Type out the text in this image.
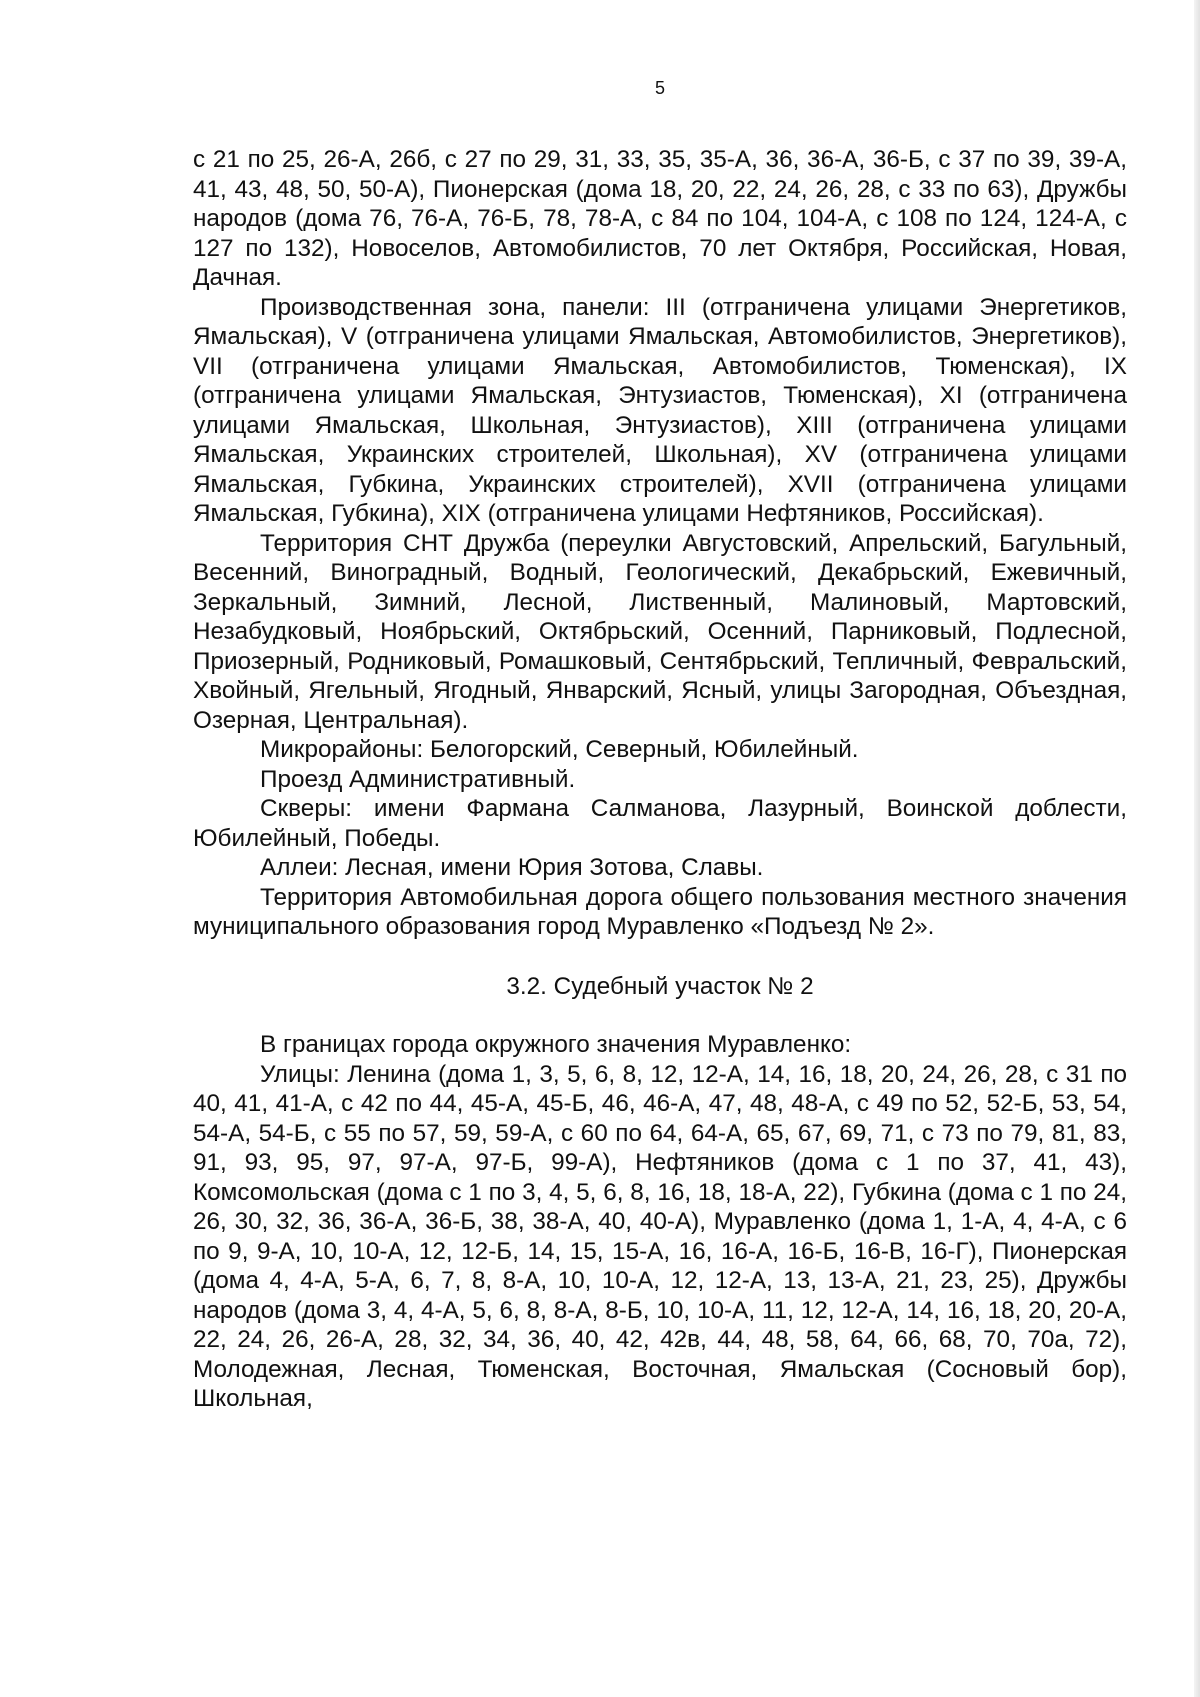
5

с 21 по 25, 26-А, 26б, с 27 по 29, 31, 33, 35, 35-А, 36, 36-А, 36-Б, с 37 по 39, 39-А, 41, 43, 48, 50, 50-А), Пионерская (дома 18, 20, 22, 24, 26, 28, с 33 по 63), Дружбы народов (дома 76, 76-А, 76-Б, 78, 78-А, с 84 по 104, 104-А, с 108 по 124, 124-А, с 127 по 132), Новоселов, Автомобилистов, 70 лет Октября, Российская, Новая, Дачная.

Производственная зона, панели: III (отграничена улицами Энергетиков, Ямальская), V (отграничена улицами Ямальская, Автомобилистов, Энергетиков), VII (отграничена улицами Ямальская, Автомобилистов, Тюменская), IX (отграничена улицами Ямальская, Энтузиастов, Тюменская), XI (отграничена улицами Ямальская, Школьная, Энтузиастов), XIII (отграничена улицами Ямальская, Украинских строителей, Школьная), XV (отграничена улицами Ямальская, Губкина, Украинских строителей), XVII (отграничена улицами Ямальская, Губкина), XIX (отграничена улицами Нефтяников, Российская).

Территория СНТ Дружба (переулки Августовский, Апрельский, Багульный, Весенний, Виноградный, Водный, Геологический, Декабрьский, Ежевичный, Зеркальный, Зимний, Лесной, Лиственный, Малиновый, Мартовский, Незабудковый, Ноябрьский, Октябрьский, Осенний, Парниковый, Подлесной, Приозерный, Родниковый, Ромашковый, Сентябрьский, Тепличный, Февральский, Хвойный, Ягельный, Ягодный, Январский, Ясный, улицы Загородная, Объездная, Озерная, Центральная).

Микрорайоны: Белогорский, Северный, Юбилейный.

Проезд Административный.

Скверы: имени Фармана Салманова, Лазурный, Воинской доблести, Юбилейный, Победы.

Аллеи: Лесная, имени Юрия Зотова, Славы.

Территория Автомобильная дорога общего пользования местного значения муниципального образования город Муравленко «Подъезд № 2».

3.2. Судебный участок № 2

В границах города окружного значения Муравленко:

Улицы: Ленина (дома 1, 3, 5, 6, 8, 12, 12-А, 14, 16, 18, 20, 24, 26, 28, с 31 по 40, 41, 41-А, с 42 по 44, 45-А, 45-Б, 46, 46-А, 47, 48, 48-А, с 49 по 52, 52-Б, 53, 54, 54-А, 54-Б, с 55 по 57, 59, 59-А, с 60 по 64, 64-А, 65, 67, 69, 71, с 73 по 79, 81, 83, 91, 93, 95, 97, 97-А, 97-Б, 99-А), Нефтяников (дома с 1 по 37, 41, 43), Комсомольская (дома с 1 по 3, 4, 5, 6, 8, 16, 18, 18-А, 22), Губкина (дома с 1 по 24, 26, 30, 32, 36, 36-А, 36-Б, 38, 38-А, 40, 40-А), Муравленко (дома 1, 1-А, 4, 4-А, с 6 по 9, 9-А, 10, 10-А, 12, 12-Б, 14, 15, 15-А, 16, 16-А, 16-Б, 16-В, 16-Г), Пионерская (дома 4, 4-А, 5-А, 6, 7, 8, 8-А, 10, 10-А, 12, 12-А, 13, 13-А, 21, 23, 25), Дружбы народов (дома 3, 4, 4-А, 5, 6, 8, 8-А, 8-Б, 10, 10-А, 11, 12, 12-А, 14, 16, 18, 20, 20-А, 22, 24, 26, 26-А, 28, 32, 34, 36, 40, 42, 42в, 44, 48, 58, 64, 66, 68, 70, 70а, 72), Молодежная, Лесная, Тюменская, Восточная, Ямальская (Сосновый бор), Школьная,
